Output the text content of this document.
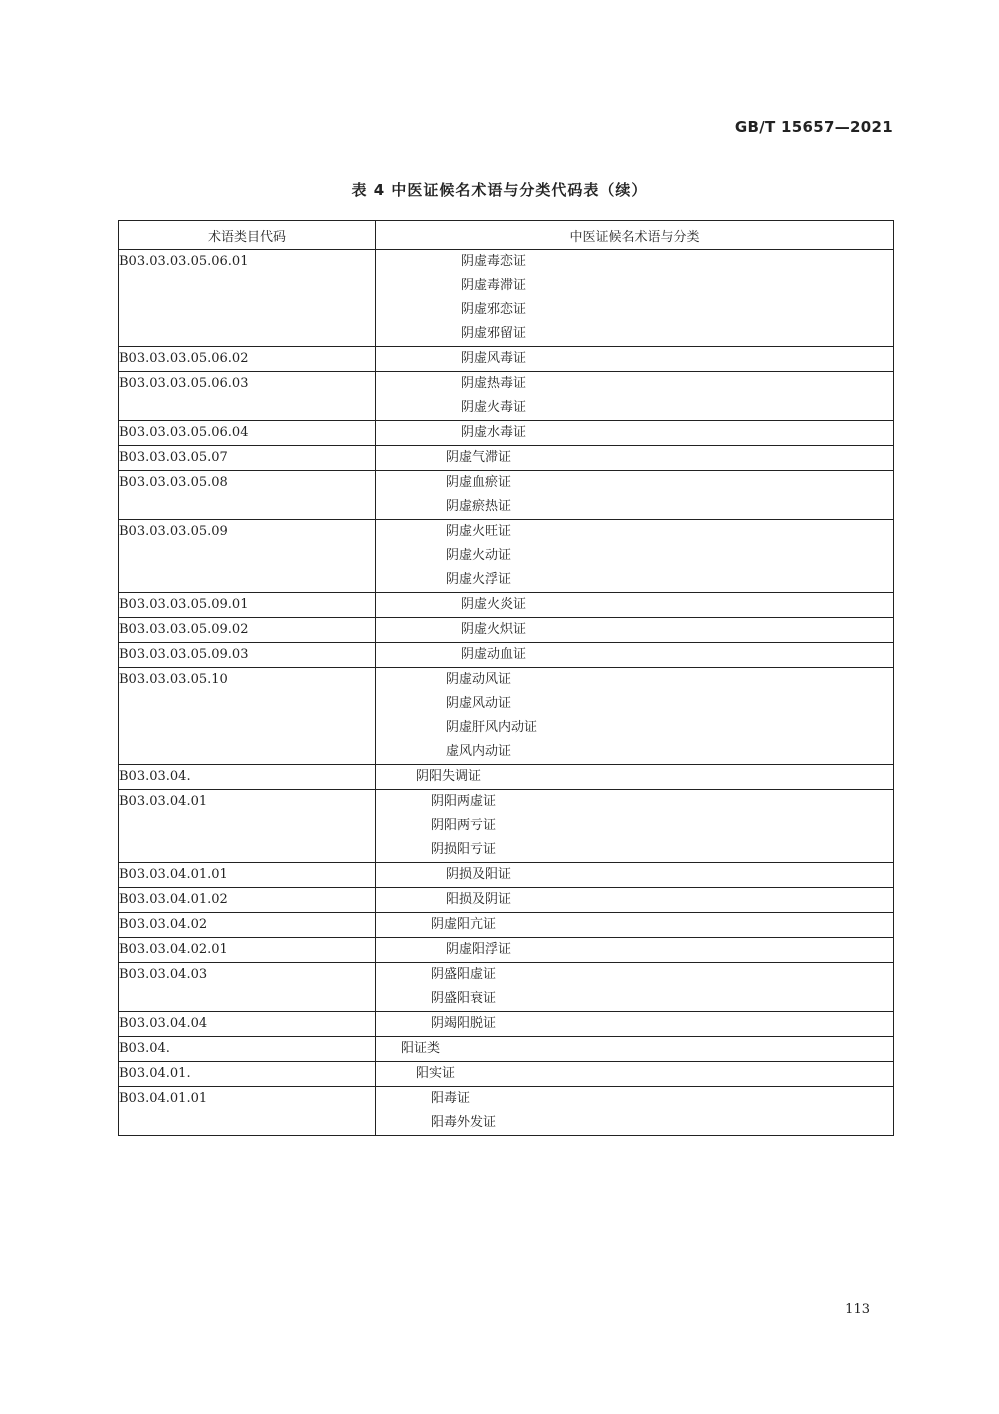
GB/T 15657—2021
表 4 中医证候名术语与分类代码表（续）
术语类目代码	中医证候名术语与分类
B03.03.03.05.06.01	阴虚毒恋证
阴虚毒滞证
阴虚邪恋证
阴虚邪留证

B03.03.03.05.06.02	阴虚风毒证

B03.03.03.05.06.03	阴虚热毒证
阴虚火毒证

B03.03.03.05.06.04	阴虚水毒证

B03.03.03.05.07	阴虚气滞证

B03.03.03.05.08	阴虚血瘀证
阴虚瘀热证

B03.03.03.05.09	阴虚火旺证
阴虚火动证
阴虚火浮证

B03.03.03.05.09.01	阴虚火炎证

B03.03.03.05.09.02	阴虚火炽证

B03.03.03.05.09.03	阴虚动血证

B03.03.03.05.10	阴虚动风证
阴虚风动证
阴虚肝风内动证
虚风内动证

B03.03.04.	阴阳失调证

B03.03.04.01	阴阳两虚证
阴阳两亏证
阴损阳亏证

B03.03.04.01.01	阴损及阳证

B03.03.04.01.02	阳损及阴证

B03.03.04.02	阴虚阳亢证

B03.03.04.02.01	阴虚阳浮证

B03.03.04.03	阴盛阳虚证
阴盛阳衰证

B03.03.04.04	阴竭阳脱证

B03.04.	阳证类

B03.04.01.	阳实证

B03.04.01.01	阳毒证
阳毒外发证
113
